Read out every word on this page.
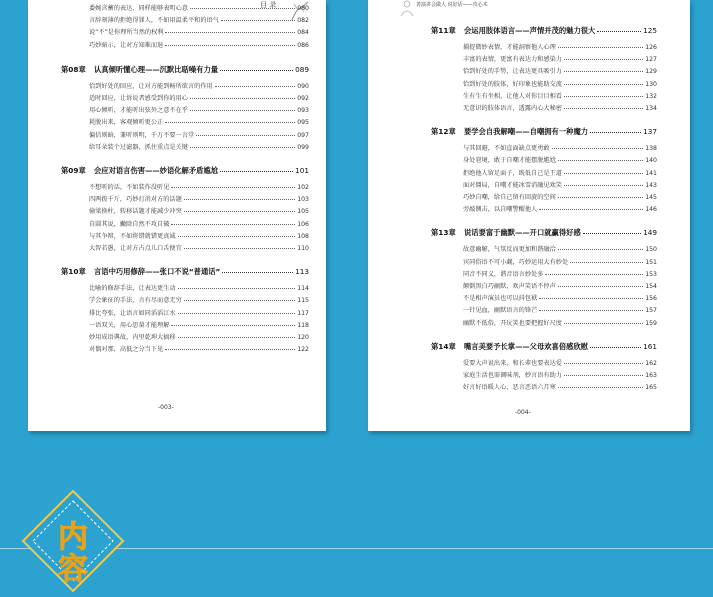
目 录
委婉含蓄的表达，同样能够表明心意	080
言辞刻薄的拒绝得罪人，不如用温柔平和的语气	082
说“不”是你理所当然的权利	084
巧妙暗示，让对方知难而退	086
第08章	认真倾听懂心理——沉默比聒噪有力量	089
恰到好处的回应，让对方能到畅所欲言的作用	090
适时回应，让诉说者感受到你的用心	092
用心倾听，才能听出弦外之意不在乎	093
耗脱出来，客观倾听更公正	095
偏信则暗，兼听则明，千万不要一言堂	097
给耳朵装个过滤器，抓住重点是关键	099
第09章	会应对语言伤害——妙语化解矛盾尴尬	101
不想听的话，不如装作没听见	102
四两拨千斤，巧妙打消对方的话题	103
偷梁换柱，转移话题才能减少冲突	105
自圆其说，撇除自然不攻自破	106
与其争辩，不如将错就错更真诚	108
大智若愚，让对方占点儿口舌便宜	110
第10章	言语中巧用修辞——张口不说“普通话”	113
比喻的修辞手法，让表达更生动	114
学会象征的手法，言有尽而意无穷	115
排比夸张，让语言如同滔滔江水	117
一语双关，用心思量才能理解	118
妙用成语典故，内里乾坤大搞移	120
对偶对那，高低之分当下见	122
-003-
善演讲会做人 说好话——攻心术
第11章	会运用肢体语言——声情并茂的魅力很大	125
捕捉微妙表情，才能洞察他人心理	126
丰富的表情，更富有表达力和感染力	127
恰到好处的手势，让表达更具吸引力	129
恰到好处的肢体，好印象也能助交流	130
生有生有坐相，让他人对你目目相看	132
无意识的肢体语言，透露内心大秘密	134
第12章	要学会自我解嘲——自嘲拥有一种魔力	137
与其回避，不如直面缺点更勇敢	138
身处窘境，敢于自嘲才能摆脱尴尬	140
拒绝他人留足面子，既低自己是王道	141
面对僵局，自嘲才能冰雪消融见欢笑	143
巧妙自嘲，给自己留有回旋的空间	145
旁敲侧击，以自嘲警醒他人	146
第13章	说话要富于幽默——开口就赢得好感	149
故意幽解，气氛反而更加和谐融洽	150
宾同俗语不可小觑，巧妙运用大有妙处	151
同音不同义，谐音语言妙处多	153
颠倒黑白巧幽默，欢声笑语不停声	154
不是相声演员也可以抖包袱	156
一针见血，幽默语言的锋芒	157
幽默不低俗，开玩笑也要把握好尺度	159
第14章	嘴言美要予长掌——父母欢喜倍感欣慰	161
爱要大声说出来，和长辈也要表达爱	162
家庭生活也需调味剂，妙言语有助力	163
好言好语暖人心，恶言恶语六月寒	165
-004-
内
容
